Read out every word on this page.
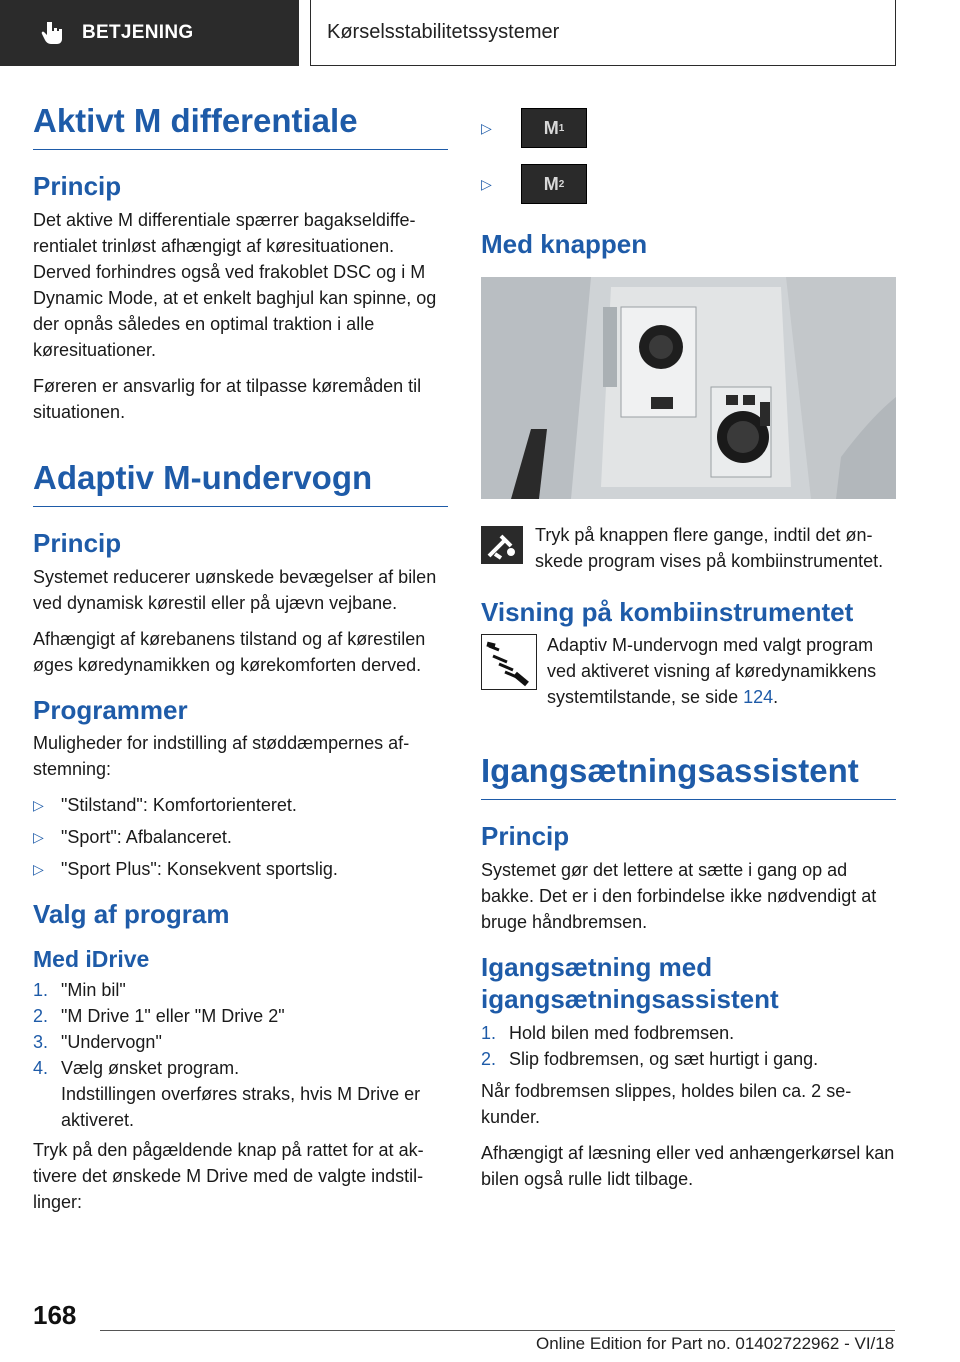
BETJENING	Kørselsstabilitetssystemer
Aktivt M differentiale
Princip

Det aktive M differentiale spærrer bagakseldifferentialet trinløst afhængigt af køresituationen. Derved forhindres også ved frakoblet DSC og i M Dynamic Mode, at et enkelt baghjul kan spinne, og der opnås således en optimal traktion i alle køresituationer.

Føreren er ansvarlig for at tilpasse køremåden til situationen.

Adaptiv M-undervogn
Princip

Systemet reducerer uønskede bevægelser af bilen ved dynamisk kørestil eller på ujævn vejbane.

Afhængigt af kørebanens tilstand og af kørestilen øges køredynamikken og kørekomforten derved.

Programmer

Muligheder for indstilling af støddæmpernes afstemning:

▷ "Stilstand": Komfortorienteret.
▷ "Sport": Afbalanceret.
▷ "Sport Plus": Konsekvent sportslig.
Valg af program
Med iDrive
1. "Min bil"
2. "M Drive 1" eller "M Drive 2"
3. "Undervogn"
4. Vælg ønsket program.
Indstillingen overføres straks, hvis M Drive er aktiveret.

Tryk på den pågældende knap på rattet for at aktivere det ønskede M Drive med de valgte indstillinger:

▷	M 1
▷	M 2
Med knappen

Tryk på knappen flere gange, indtil det ønskede program vises på kombiinstrumentet.

Visning på kombiinstrumentet

Adaptiv M-undervogn med valgt program ved aktiveret visning af køredynamikkens systemtilstande, se side 124.

Igangsætningsassistent
Princip

Systemet gør det lettere at sætte i gang op ad bakke. Det er i den forbindelse ikke nødvendigt at bruge håndbremsen.

Igangsætning med igangsætningsassistent
1. Hold bilen med fodbremsen.
2. Slip fodbremsen, og sæt hurtigt i gang.

Når fodbremsen slippes, holdes bilen ca. 2 sekunder.

Afhængigt af læsning eller ved anhængerkørsel kan bilen også rulle lidt tilbage.

168
Online Edition for Part no. 01402722962 - VI/18
